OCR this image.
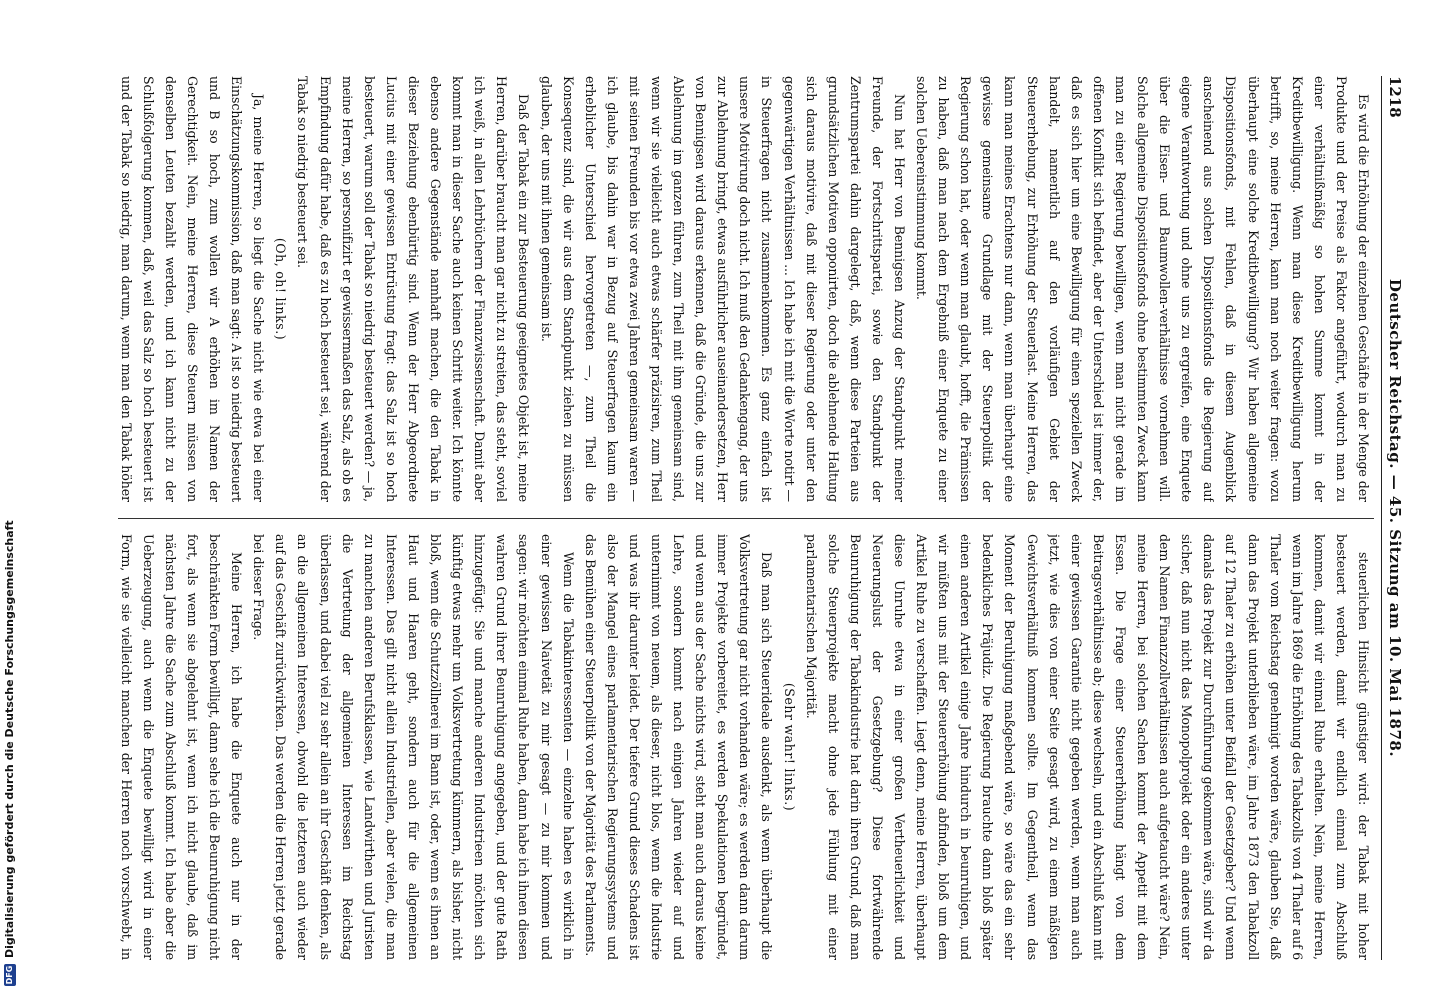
1218
Deutscher Reichstag. — 45. Sitzung am 10. Mai 1878.

Es wird die Erhöhung der einzelnen Geschäfte in der Menge der Produkte und der Preise als Faktor angeführt, wodurch man zu einer verhältnißmäßig so hohen Summe kommt in der Kreditbewilligung. Wenn man diese Kreditbewilligung herum betrifft, so, meine Herren, kann man noch weiter fragen: wozu überhaupt eine solche Kreditbewilligung? Wir haben allgemeine Dispositionsfonds, mit Fehlen, daß in diesem Augenblick anscheinend aus solchen Dispositionsfonds die Regierung auf eigene Verantwortung und ohne uns zu ergreifen, eine Enquete über die Eisen- und Baumwollen-verhältnisse vornehmen will. Solche allgemeine Dispositionsfonds ohne bestimmten Zweck kann man zu einer Regierung bewilligen, wenn man nicht gerade im offenen Konflikt sich befindet, aber der Unterschied ist immer der, daß es sich hier um eine Bewilligung für einen speziellen Zweck handelt, namentlich auf den vorläufigen Gebiet der Steuererhebung, zur Erhöhung der Steuerlast. Meine Herren, das kann man meines Erachtens nur dann, wenn man überhaupt eine gewisse gemeinsame Grundlage mit der Steuerpolitik der Regierung schon hat, oder wenn man glaubt, hofft, die Prämissen zu haben, daß man nach dem Ergebniß einer Enquete zu einer solchen Uebereinstimmung kommt.

Nun hat Herr von Bennigsen Anzug der Standpunkt meiner Freunde, der Fortschrittspartei, sowie den Standpunkt der Zentrumspartei dahin dargelegt, daß, wenn diese Parteien aus grundsätzlichen Motiven opponirten, doch die ablehnende Haltung sich daraus motivire, daß mit dieser Regierung oder unter den gegenwärtigen Verhältnissen ... Ich habe ich mit die Worte notirt — in Steuerfragen nicht zusammenkommen. Es ganz einfach ist unsere Motivirung doch nicht. Ich muß den Gedankengang, der uns zur Ablehnung bringt, etwas ausführlicher auseinandersetzen, Herr von Bennigsen wird daraus erkennen, daß die Gründe, die uns zur Ablehnung im ganzen führen, zum Theil mit ihm gemeinsam sind, wenn wir sie vielleicht auch etwas schärfer präzisiren, zum Theil mit seinen Freunden bis vor etwa zwei Jahren gemeinsam waren — ich glaube, bis dahin war in Bezug auf Steuerfragen kaum ein erheblicher Unterschied hervorgetreten —, zum Theil die Konsequenz sind, die wir aus dem Standpunkt ziehen zu müssen glauben, der uns mit ihnen gemeinsam ist.

Daß der Tabak ein zur Besteuerung geeignetes Objekt ist, meine Herren, darüber braucht man gar nicht zu streiten, das steht, soviel ich weiß, in allen Lehrbüchern der Finanzwissenschaft. Damit aber kommt man in dieser Sache auch keinen Schritt weiter. Ich könnte ebenso andere Gegenstände namhaft machen, die den Tabak in dieser Beziehung ebenbürtig sind. Wenn der Herr Abgeordnete Lucius mit einer gewissen Entrüstung fragt: das Salz ist so hoch besteuert, warum soll der Tabak so niedrig besteuert werden? — ja, meine Herren, so personifizirt er gewissermaßen das Salz, als ob es Empfindung dafür habe, daß es zu hoch besteuert sei, während der Tabak so niedrig besteuert sei.

(Oh, oh! links.)

Ja, meine Herren, so liegt die Sache nicht wie etwa bei einer Einschätzungskommission, daß man sagt: A ist so niedrig besteuert und B so hoch, zum wollen wir A erhöhen im Namen der Gerechtigkeit. Nein, meine Herren, diese Steuern müssen von denselben Leuten bezahlt werden, und ich kann nicht zu der Schlußfolgerung kommen, daß, weil das Salz so hoch besteuert ist und der Tabak so niedrig, man darum, wenn man den Tabak höher

steuerlichen Hinsicht günstiger wird: der Tabak mit hoher besteuert werden, damit wir endlich einmal zum Abschluß kommen, damit wir einmal Ruhe erhalten. Nein, meine Herren, wenn im Jahre 1869 die Erhöhung des Tabakzolls von 4 Thaler auf 6 Thaler vom Reichstag genehmigt worden wäre, glauben Sie, daß dann das Projekt unterblieben wäre, im Jahre 1873 den Tabakzoll auf 12 Thaler zu erhöhen unter Beifall der Gesetzgeber? Und wenn damals das Projekt zur Durchführung gekommen wäre, sind wir da sicher, daß nun nicht das Monopolprojekt oder ein anderes unter dem Namen Finanzzollverhältnissen auch aufgetaucht wäre? Nein, meine Herren, bei solchen Sachen kommt der Appetit mit dem Essen. Die Frage einer Steuererhöhung hängt von dem Beitragsverhältnisse ab; diese wechseln, und ein Abschluß kann mit einer gewissen Garantie nicht gegeben werden, wenn man auch jetzt, wie dies von einer Seite gesagt wird, zu einem mäßigen Gewichtsverhältniß kommen sollte. Im Gegentheil, wenn das Moment der Beruhigung maßgebend wäre, so wäre das ein sehr bedenkliches Präjudiz. Die Regierung brauchte dann bloß später einen anderen Artikel einige Jahre hindurch in beunruhigen, und wir müßten uns mit der Steuererhöhung abfinden, bloß um dem Artikel Ruhe zu verschaffen. Liegt denn, meine Herren, überhaupt diese Unruhe etwa in einer großen Vertheuerlichkeit und Neuerungslust der Gesetzgebung? Diese fortwährende Beunruhigung der Tabakindustrie hat darin ihren Grund, daß man solche Steuerprojekte macht ohne jede Fühlung mit einer parlamentarischen Majorität.

(Sehr wahr! links.)

Daß man sich Steuerideale ausdenkt, als wenn überhaupt die Volksvertretung gar nicht vorhanden wäre; es werden dann darum immer Projekte vorbereitet, es werden Spekulationen begründet, und wenn aus der Sache nichts wird, steht man auch daraus keine Lehre, sondern kommt nach einigen Jahren wieder auf und unternimmt von neuem, als dieser, nicht blos, wenn die Industrie und was ihr darunter leidet. Der tiefere Grund dieses Schadens ist also der Mangel eines parlamentarischen Regierungssystems und das Bemühen einer Steuerpolitik von der Majorität des Parlaments.

Wenn die Tabakinteressenten — einzelne haben es wirklich in einer gewissen Naivetät zu mir gesagt — zu mir kommen und sagen: wir möchten einmal Ruhe haben, dann habe ich ihnen diesen wahren Grund ihrer Beunruhigung angegeben, und der gute Rath hinzugefügt: Sie und manche anderen Industrieen möchten sich künftig etwas mehr um Volksvertretung kümmern, als bisher, nicht bloß, wenn die Schutzzöllnerei im Bann ist, oder, wenn es ihnen an Haut und Haaren geht, sondern auch für die allgemeinen Interessen. Das gilt nicht allein Industriellen, aber vielen, die man zu manchen anderen Berufsklassen, wie Landwirthen und Juristen die Vertretung der allgemeinen Interessen im Reichstag überlassen, und dabei viel zu sehr allein an ihr Geschäft denken, als an die allgemeinen Interessen, obwohl die letzteren auch wieder auf das Geschäft zurückwirken. Das werden die Herren jetzt gerade bei dieser Frage.

Meine Herren, ich habe die Enquete auch nur in der beschränkten Form bewilligt, dann sehe ich die Beunruhigung nicht fort, als wenn sie abgelehnt ist, wenn ich nicht glaube, daß im nächsten Jahre die Sache zum Abschluß kommt. Ich habe aber die Ueberzeugung, auch wenn die Enquete bewilligt wird in einer Form, wie sie vielleicht manchen der Herren noch vorschwebt, in

DFG
Digitalisierung gefördert durch die Deutsche Forschungsgemeinschaft
